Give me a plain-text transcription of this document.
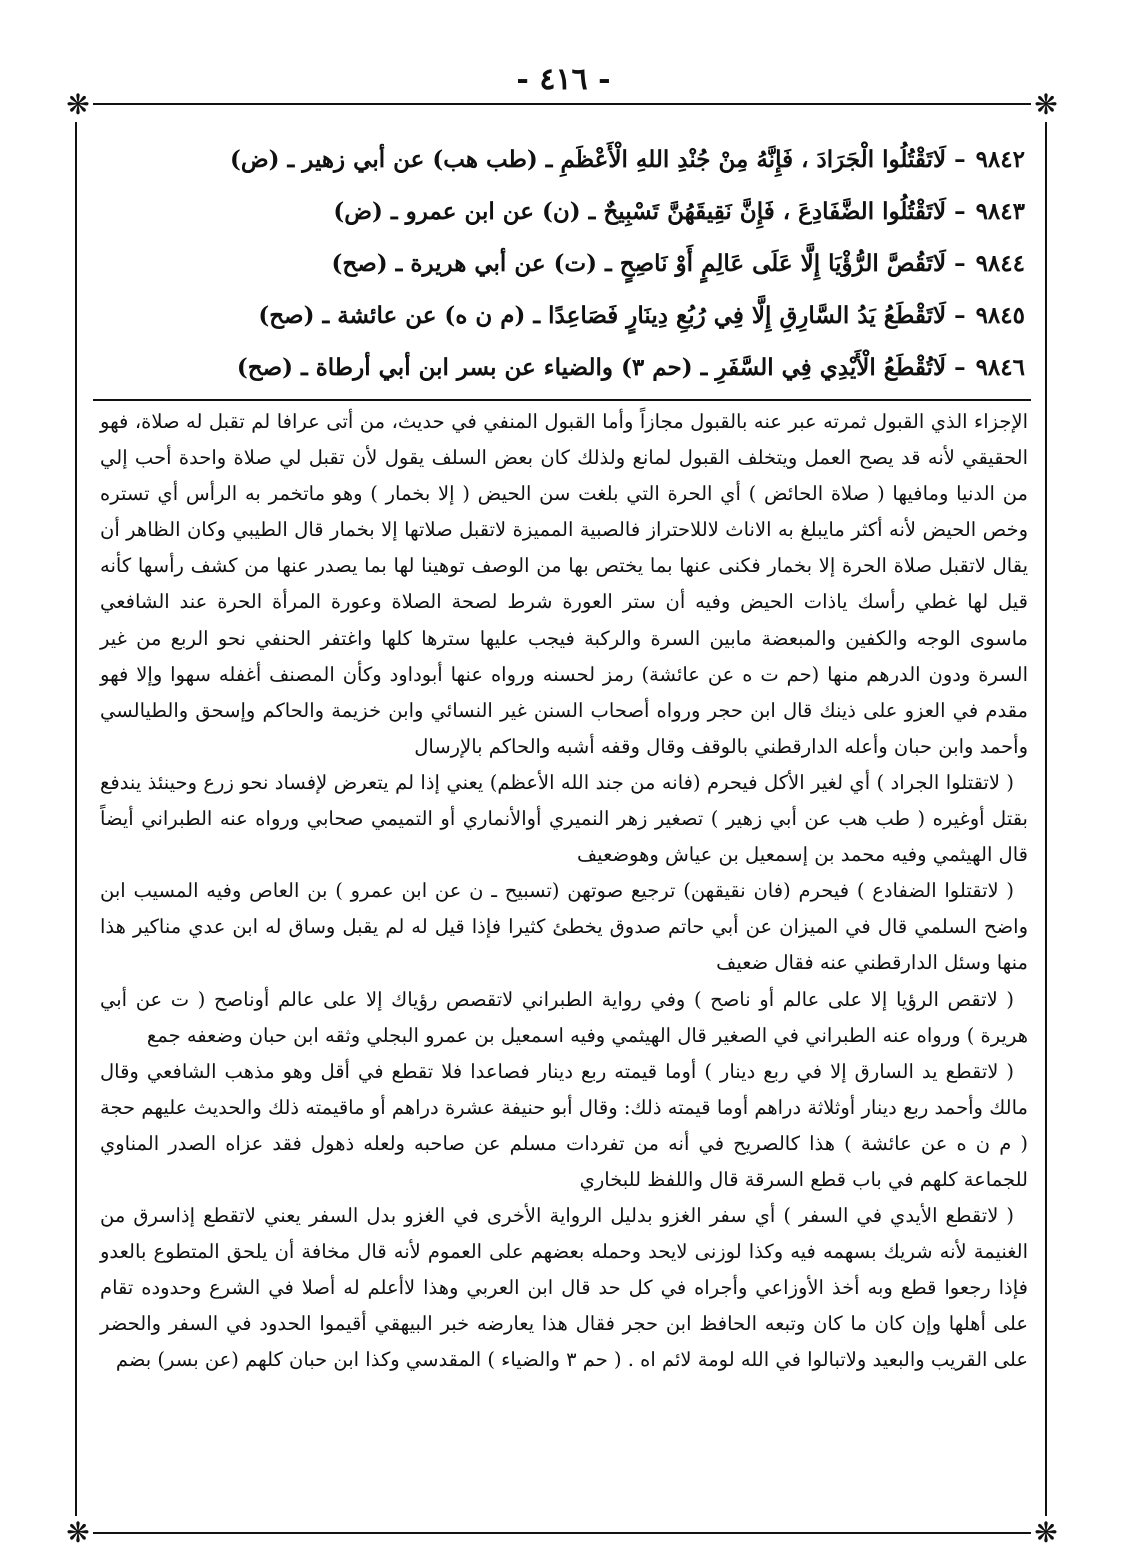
- ٤١٦ -
❋	❋
❋	❋
٩٨٤٢– لَاتَقْتُلُوا الْجَرَادَ ، فَإِنَّهُ مِنْ جُنْدِ اللهِ الْأَعْظَمِ ـ (طب هب) عن أبي زهير ـ (ض)
٩٨٤٣– لَاتَقْتُلُوا الضَّفَادِعَ ، فَإِنَّ نَقِيقَهُنَّ تَسْبِيحٌ ـ (ن) عن ابن عمرو ـ (ض)
٩٨٤٤– لَاتَقُصَّ الرُّؤْيَا إِلَّا عَلَى عَالِمٍ أَوْ نَاصِحٍ ـ (ت) عن أبي هريرة ـ (صح)
٩٨٤٥– لَاتَقْطَعُ يَدُ السَّارِقِ إِلَّا فِي رُبُعِ دِينَارٍ فَصَاعِدًا ـ (م ن ه) عن عائشة ـ (صح)
٩٨٤٦– لَاتُقْطَعُ الْأَيْدِي فِي السَّفَرِ ـ (حم ٣) والضياء عن بسر ابن أبي أرطاة ـ (صح)

الإجزاء الذي القبول ثمرته عبر عنه بالقبول مجازاً وأما القبول المنفي في حديث، من أتى عرافا لم تقبل له صلاة، فهو الحقيقي لأنه قد يصح العمل ويتخلف القبول لمانع ولذلك كان بعض السلف يقول لأن تقبل لي صلاة واحدة أحب إلي من الدنيا ومافيها ( صلاة الحائض ) أي الحرة التي بلغت سن الحيض ( إلا بخمار ) وهو ماتخمر به الرأس أي تستره وخص الحيض لأنه أكثر مايبلغ به الاناث لاللاحتراز فالصبية المميزة لاتقبل صلاتها إلا بخمار قال الطيبي وكان الظاهر أن يقال لاتقبل صلاة الحرة إلا بخمار فكنى عنها بما يختص بها من الوصف توهينا لها بما يصدر عنها من كشف رأسها كأنه قيل لها غطي رأسك ياذات الحيض وفيه أن ستر العورة شرط لصحة الصلاة وعورة المرأة الحرة عند الشافعي ماسوى الوجه والكفين والمبعضة مابين السرة والركبة فيجب عليها سترها كلها واغتفر الحنفي نحو الربع من غير السرة ودون الدرهم منها (حم ت ه عن عائشة) رمز لحسنه ورواه عنها أبوداود وكأن المصنف أغفله سهوا وإلا فهو مقدم في العزو على ذينك قال ابن حجر ورواه أصحاب السنن غير النسائي وابن خزيمة والحاكم وإسحق والطيالسي وأحمد وابن حبان وأعله الدارقطني بالوقف وقال وقفه أشبه والحاكم بالإرسال

( لاتقتلوا الجراد ) أي لغير الأكل فيحرم (فانه من جند الله الأعظم) يعني إذا لم يتعرض لإفساد نحو زرع وحينئذ يندفع بقتل أوغيره ( طب هب عن أبي زهير ) تصغير زهر النميري أوالأنماري أو التميمي صحابي ورواه عنه الطبراني أيضاً قال الهيثمي وفيه محمد بن إسمعيل بن عياش وهوضعيف

( لاتقتلوا الضفادع ) فيحرم (فان نقيقهن) ترجيع صوتهن (تسبيح ـ ن عن ابن عمرو ) بن العاص وفيه المسيب ابن واضح السلمي قال في الميزان عن أبي حاتم صدوق يخطئ كثيرا فإذا قيل له لم يقبل وساق له ابن عدي مناكير هذا منها وسئل الدارقطني عنه فقال ضعيف

( لاتقص الرؤيا إلا على عالم أو ناصح ) وفي رواية الطبراني لاتقصص رؤياك إلا على عالم أوناصح ( ت عن أبي هريرة ) ورواه عنه الطبراني في الصغير قال الهيثمي وفيه اسمعيل بن عمرو البجلي وثقه ابن حبان وضعفه جمع

( لاتقطع يد السارق إلا في ربع دينار ) أوما قيمته ربع دينار فصاعدا فلا تقطع في أقل وهو مذهب الشافعي وقال مالك وأحمد ربع دينار أوثلاثة دراهم أوما قيمته ذلك: وقال أبو حنيفة عشرة دراهم أو ماقيمته ذلك والحديث عليهم حجة ( م ن ه عن عائشة ) هذا كالصريح في أنه من تفردات مسلم عن صاحبه ولعله ذهول فقد عزاه الصدر المناوي للجماعة كلهم في باب قطع السرقة قال واللفظ للبخاري

( لاتقطع الأيدي في السفر ) أي سفر الغزو بدليل الرواية الأخرى في الغزو بدل السفر يعني لاتقطع إذاسرق من الغنيمة لأنه شريك بسهمه فيه وكذا لوزنى لايحد وحمله بعضهم على العموم لأنه قال مخافة أن يلحق المتطوع بالعدو فإذا رجعوا قطع وبه أخذ الأوزاعي وأجراه في كل حد قال ابن العربي وهذا لاأعلم له أصلا في الشرع وحدوده تقام على أهلها وإن كان ما كان وتبعه الحافظ ابن حجر فقال هذا يعارضه خبر البيهقي أقيموا الحدود في السفر والحضر على القريب والبعيد ولاتبالوا في الله لومة لائم اه . ( حم ٣ والضياء ) المقدسي وكذا ابن حبان كلهم (عن بسر) بضم
